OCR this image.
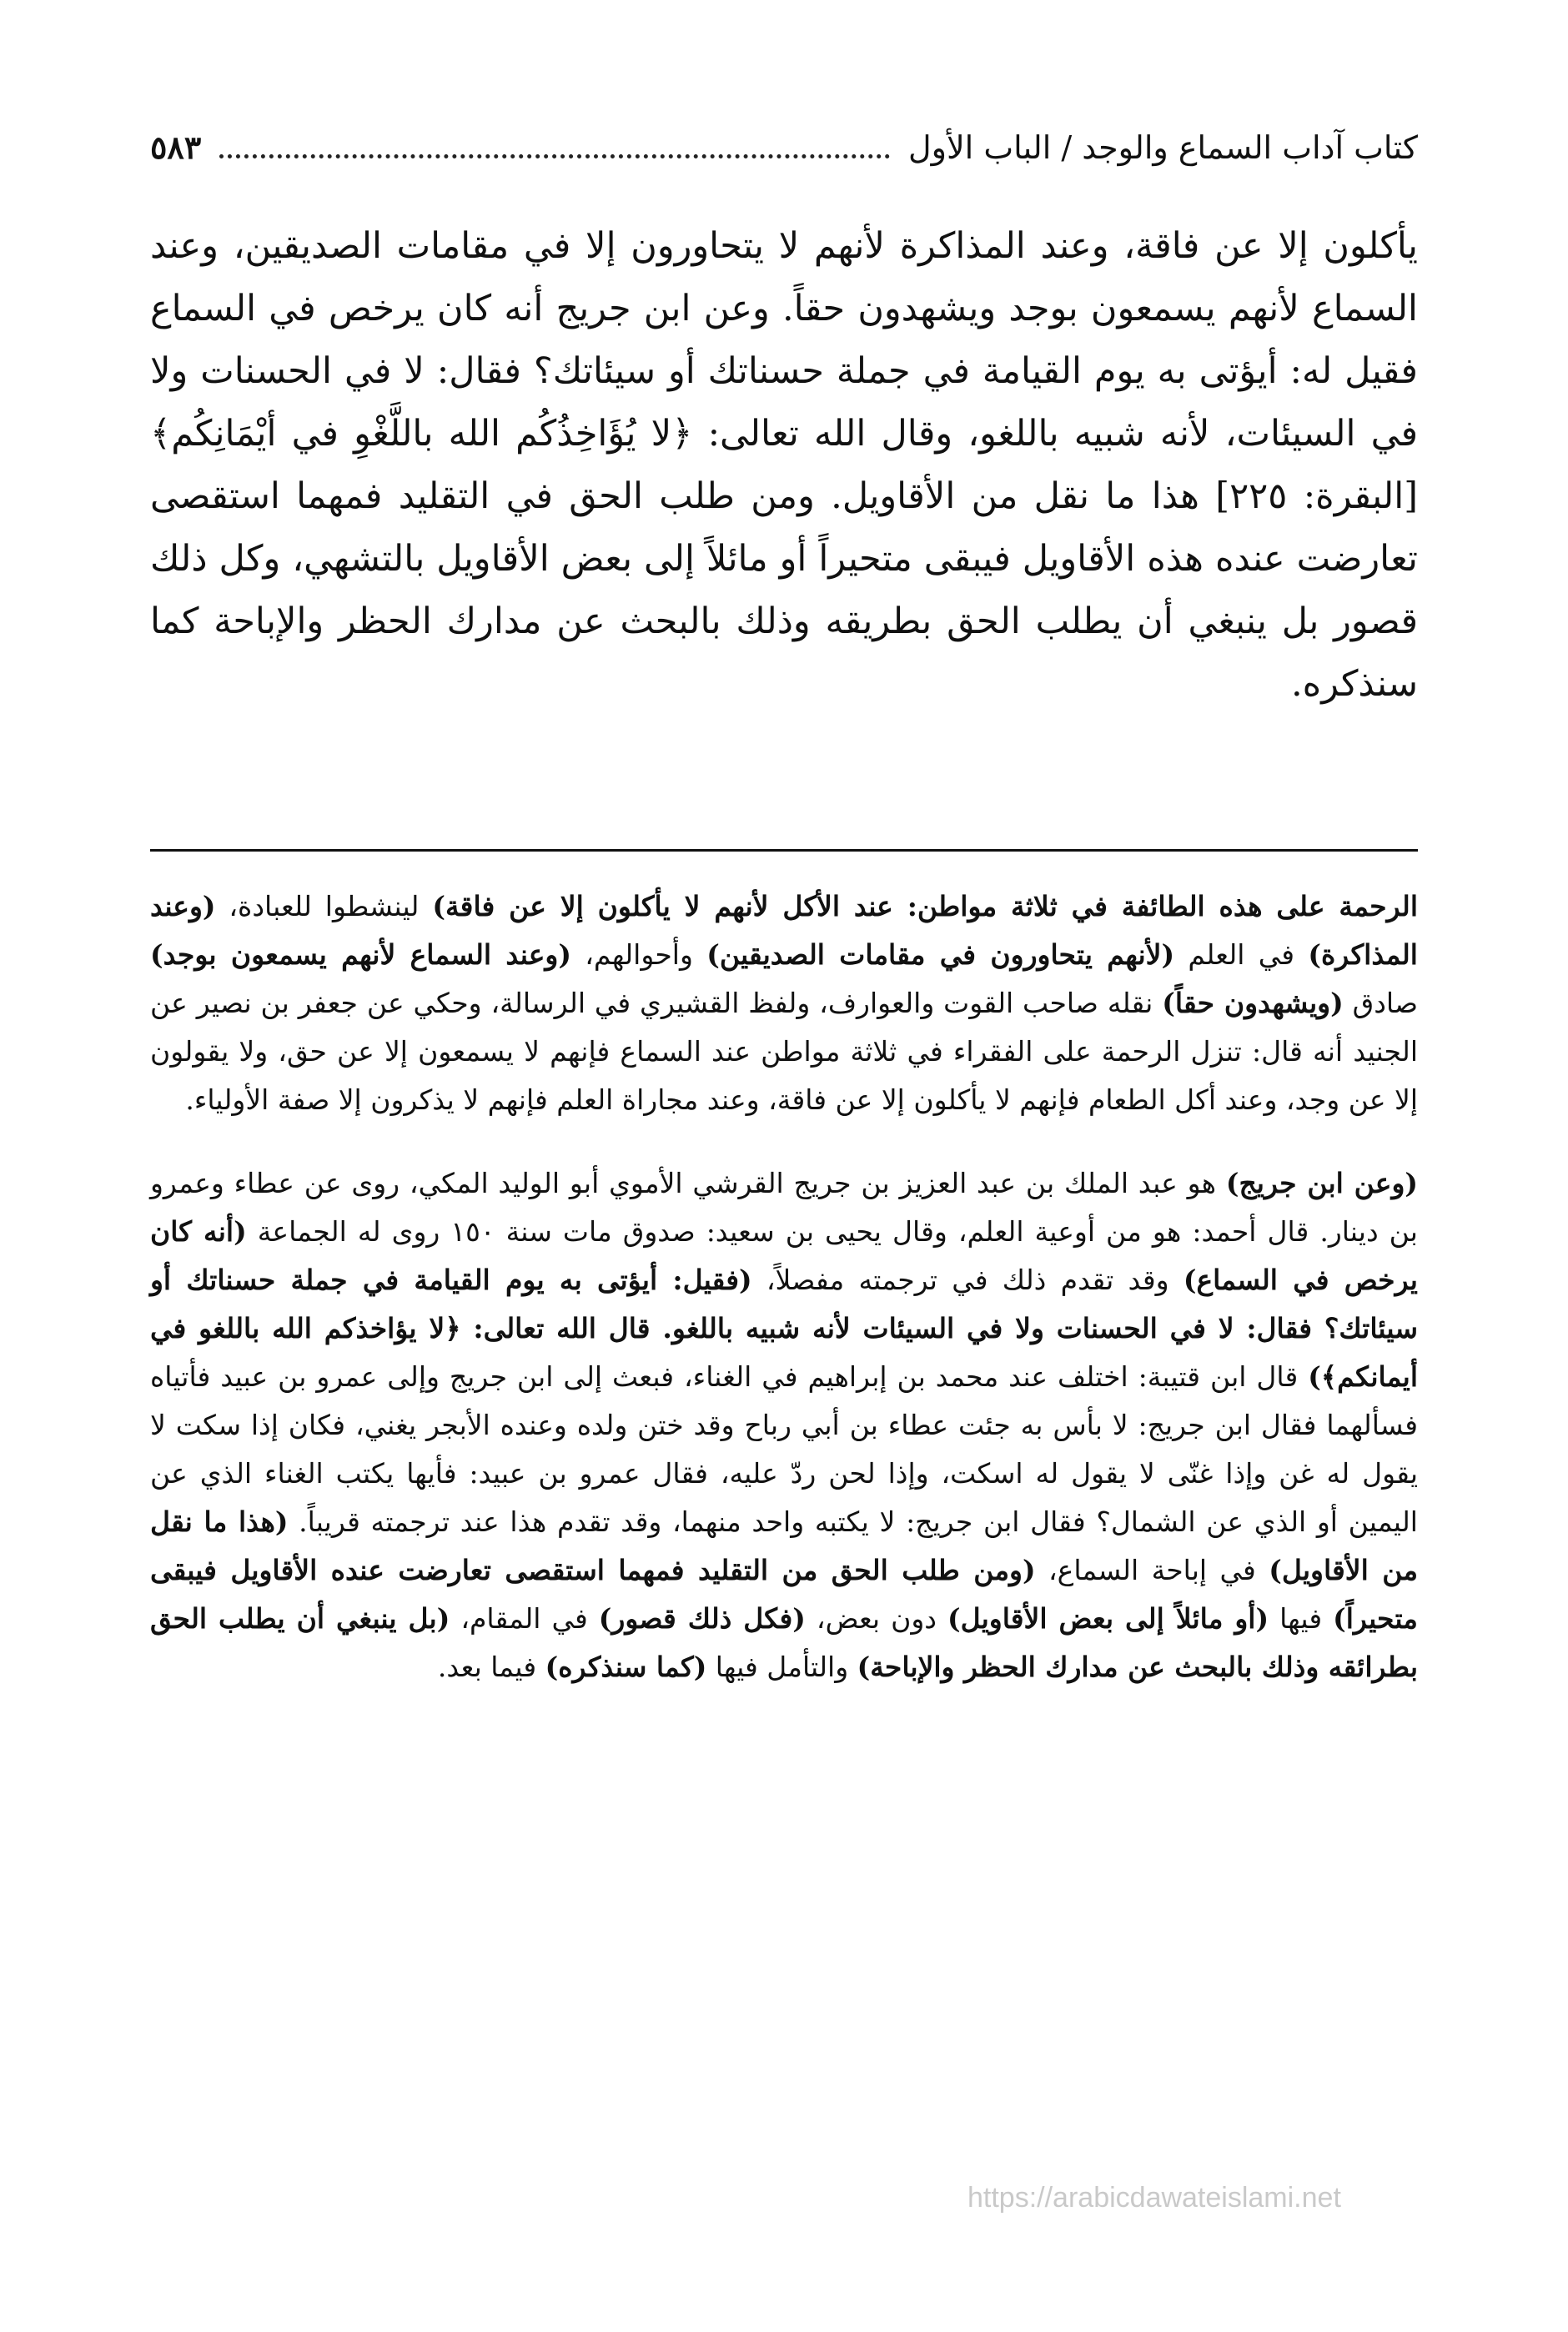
كتاب آداب السماع والوجد / الباب الأول
٥٨٣

يأكلون إلا عن فاقة، وعند المذاكرة لأنهم لا يتحاورون إلا في مقامات الصديقين، وعند السماع لأنهم يسمعون بوجد ويشهدون حقاً. وعن ابن جريج أنه كان يرخص في السماع فقيل له: أيؤتى به يوم القيامة في جملة حسناتك أو سيئاتك؟ فقال: لا في الحسنات ولا في السيئات، لأنه شبيه باللغو، وقال الله تعالى: ﴿لا يُؤَاخِذُكُم الله باللَّغْوِ في أيْمَانِكُم﴾ [البقرة: ٢٢٥] هذا ما نقل من الأقاويل. ومن طلب الحق في التقليد فمهما استقصى تعارضت عنده هذه الأقاويل فيبقى متحيراً أو مائلاً إلى بعض الأقاويل بالتشهي، وكل ذلك قصور بل ينبغي أن يطلب الحق بطريقه وذلك بالبحث عن مدارك الحظر والإباحة كما سنذكره.

الرحمة على هذه الطائفة في ثلاثة مواطن: عند الأكل لأنهم لا يأكلون إلا عن فاقة) لينشطوا للعبادة، (وعند المذاكرة) في العلم (لأنهم يتحاورون في مقامات الصديقين) وأحوالهم، (وعند السماع لأنهم يسمعون بوجد) صادق (ويشهدون حقاً) نقله صاحب القوت والعوارف، ولفظ القشيري في الرسالة، وحكي عن جعفر بن نصير عن الجنيد أنه قال: تنزل الرحمة على الفقراء في ثلاثة مواطن عند السماع فإنهم لا يسمعون إلا عن حق، ولا يقولون إلا عن وجد، وعند أكل الطعام فإنهم لا يأكلون إلا عن فاقة، وعند مجاراة العلم فإنهم لا يذكرون إلا صفة الأولياء.

(وعن ابن جريج) هو عبد الملك بن عبد العزيز بن جريج القرشي الأموي أبو الوليد المكي، روى عن عطاء وعمرو بن دينار. قال أحمد: هو من أوعية العلم، وقال يحيى بن سعيد: صدوق مات سنة ١٥٠ روى له الجماعة (أنه كان يرخص في السماع) وقد تقدم ذلك في ترجمته مفصلاً، (فقيل: أيؤتى به يوم القيامة في جملة حسناتك أو سيئاتك؟ فقال: لا في الحسنات ولا في السيئات لأنه شبيه باللغو. قال الله تعالى: ﴿لا يؤاخذكم الله باللغو في أيمانكم﴾) قال ابن قتيبة: اختلف عند محمد بن إبراهيم في الغناء، فبعث إلى ابن جريج وإلى عمرو بن عبيد فأتياه فسألهما فقال ابن جريج: لا بأس به جئت عطاء بن أبي رباح وقد ختن ولده وعنده الأبجر يغني، فكان إذا سكت لا يقول له غن وإذا غنّى لا يقول له اسكت، وإذا لحن ردّ عليه، فقال عمرو بن عبيد: فأيها يكتب الغناء الذي عن اليمين أو الذي عن الشمال؟ فقال ابن جريج: لا يكتبه واحد منهما، وقد تقدم هذا عند ترجمته قريباً. (هذا ما نقل من الأقاويل) في إباحة السماع، (ومن طلب الحق من التقليد فمهما استقصى تعارضت عنده الأقاويل فيبقى متحيراً) فيها (أو مائلاً إلى بعض الأقاويل) دون بعض، (فكل ذلك قصور) في المقام، (بل ينبغي أن يطلب الحق بطرائقه وذلك بالبحث عن مدارك الحظر والإباحة) والتأمل فيها (كما سنذكره) فيما بعد.

https://arabicdawateislami.net
